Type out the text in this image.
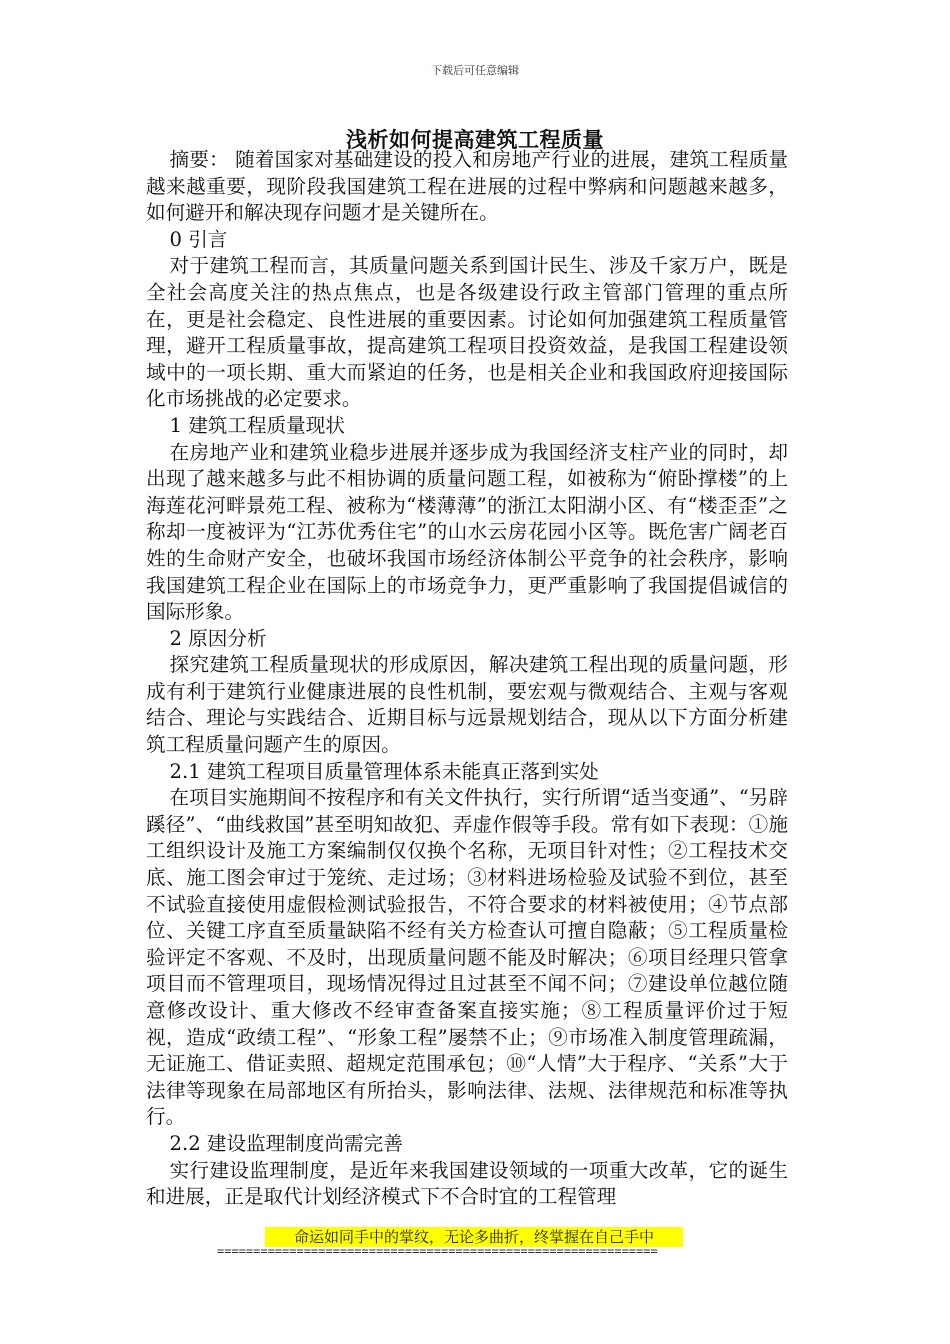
下载后可任意编辑
浅析如何提高建筑工程质量

摘要： 随着国家对基础建设的投入和房地产行业的进展，建筑工程质量越来越重要，现阶段我国建筑工程在进展的过程中弊病和问题越来越多，如何避开和解决现存问题才是关键所在。

0 引言

对于建筑工程而言，其质量问题关系到国计民生、涉及千家万户，既是全社会高度关注的热点焦点，也是各级建设行政主管部门管理的重点所在，更是社会稳定、良性进展的重要因素。讨论如何加强建筑工程质量管理，避开工程质量事故，提高建筑工程项目投资效益，是我国工程建设领域中的一项长期、重大而紧迫的任务，也是相关企业和我国政府迎接国际化市场挑战的必定要求。

1 建筑工程质量现状

在房地产业和建筑业稳步进展并逐步成为我国经济支柱产业的同时，却出现了越来越多与此不相协调的质量问题工程，如被称为“俯卧撑楼”的上海莲花河畔景苑工程、被称为“楼薄薄”的浙江太阳湖小区、有“楼歪歪”之称却一度被评为“江苏优秀住宅”的山水云房花园小区等。既危害广阔老百姓的生命财产安全，也破坏我国市场经济体制公平竞争的社会秩序，影响我国建筑工程企业在国际上的市场竞争力，更严重影响了我国提倡诚信的国际形象。

2 原因分析

探究建筑工程质量现状的形成原因，解决建筑工程出现的质量问题，形成有利于建筑行业健康进展的良性机制，要宏观与微观结合、主观与客观结合、理论与实践结合、近期目标与远景规划结合，现从以下方面分析建筑工程质量问题产生的原因。

2.1 建筑工程项目质量管理体系未能真正落到实处

在项目实施期间不按程序和有关文件执行，实行所谓“适当变通”、“另辟蹊径”、“曲线救国”甚至明知故犯、弄虚作假等手段。常有如下表现：①施工组织设计及施工方案编制仅仅换个名称，无项目针对性；②工程技术交底、施工图会审过于笼统、走过场；③材料进场检验及试验不到位，甚至不试验直接使用虚假检测试验报告，不符合要求的材料被使用；④节点部位、关键工序直至质量缺陷不经有关方检查认可擅自隐蔽；⑤工程质量检验评定不客观、不及时，出现质量问题不能及时解决；⑥项目经理只管拿项目而不管理项目，现场情况得过且过甚至不闻不问；⑦建设单位越位随意修改设计、重大修改不经审查备案直接实施；⑧工程质量评价过于短视，造成“政绩工程”、“形象工程”屡禁不止；⑨市场准入制度管理疏漏，无证施工、借证卖照、超规定范围承包；⑩“人情”大于程序、“关系”大于法律等现象在局部地区有所抬头，影响法律、法规、法律规范和标准等执行。

2.2 建设监理制度尚需完善

实行建设监理制度，是近年来我国建设领域的一项重大改革，它的诞生和进展，正是取代计划经济模式下不合时宜的工程管理

命运如同手中的掌纹，无论多曲折，终掌握在自己手中
=============================================================
